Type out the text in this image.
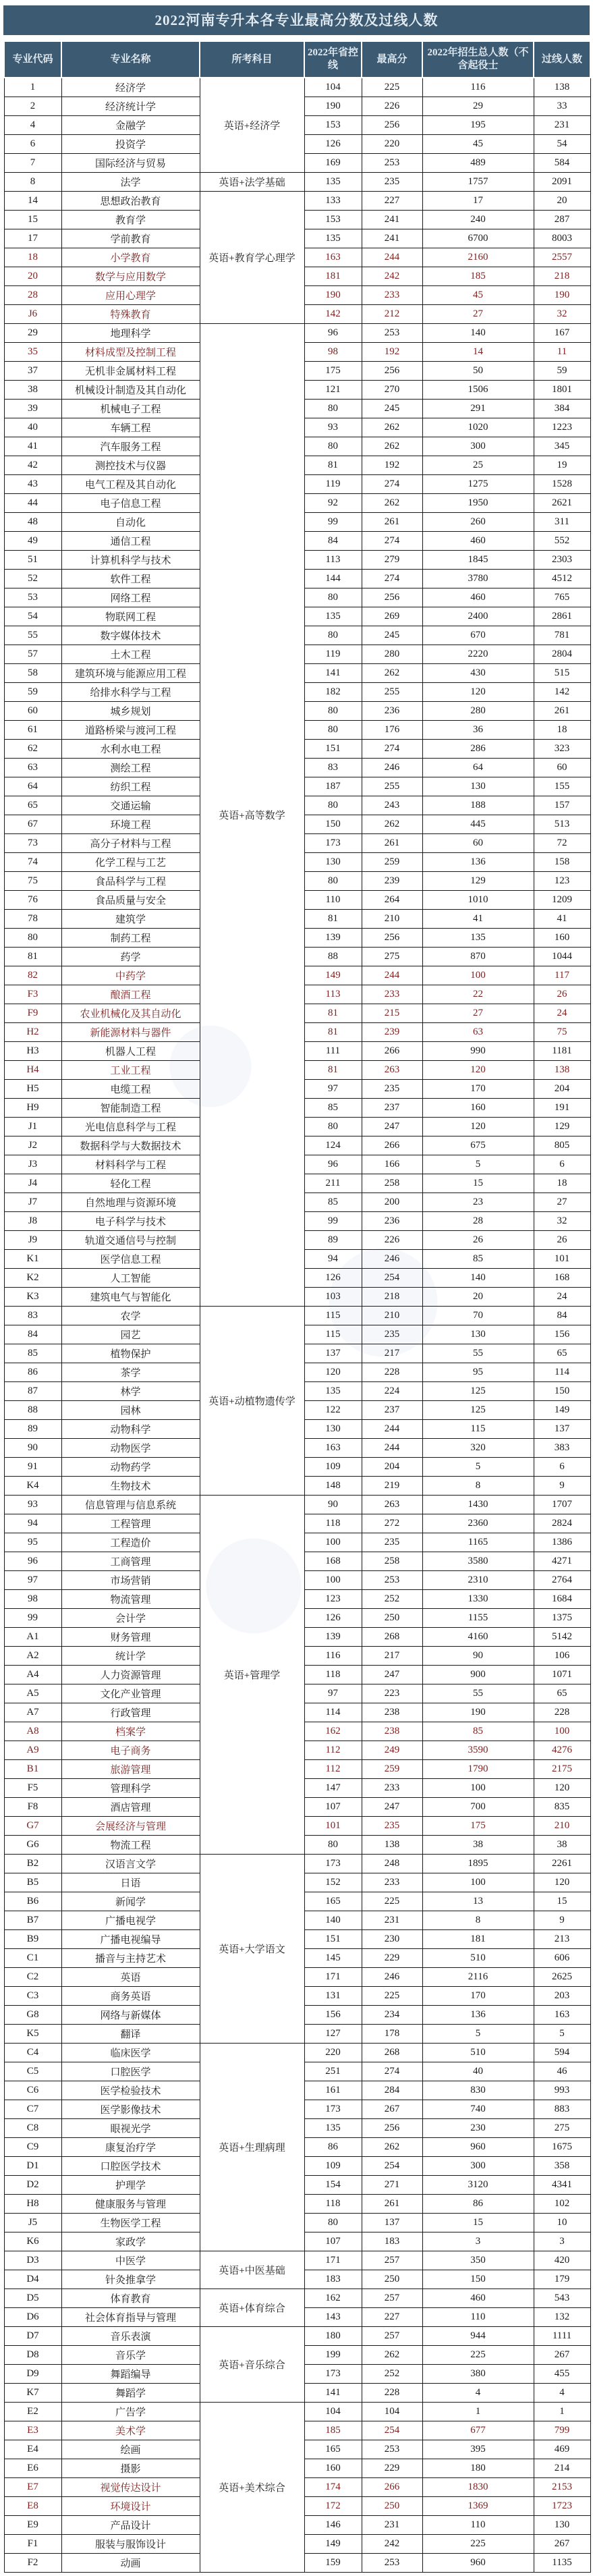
2022河南专升本各专业最高分数及过线人数
专业代码	专业名称	所考科目	2022年省控线	最高分	2022年招生总人数（不含起役士	过线人数
1	经济学	英语+经济学	104	225	116	138
2	经济统计学		190	226	29	33
4	金融学		153	256	195	231
6	投资学		126	220	45	54
7	国际经济与贸易		169	253	489	584
8	法学	英语+法学基础	135	235	1757	2091
14	思想政治教育	英语+教育学心理学	133	227	17	20
15	教育学		153	241	240	287
17	学前教育		135	241	6700	8003
18	小学教育		163	244	2160	2557
20	数学与应用数学		181	242	185	218
28	应用心理学		190	233	45	190
J6	特殊教育		142	212	27	32
29	地理科学	英语+高等数学	96	253	140	167
35	材料成型及控制工程		98	192	14	11
37	无机非金属材料工程		175	256	50	59
38	机械设计制造及其自动化		121	270	1506	1801
39	机械电子工程		80	245	291	384
40	车辆工程		93	262	1020	1223
41	汽车服务工程		80	262	300	345
42	测控技术与仪器		81	192	25	19
43	电气工程及其自动化		119	274	1275	1528
44	电子信息工程		92	262	1950	2621
48	自动化		99	261	260	311
49	通信工程		84	274	460	552
51	计算机科学与技术		113	279	1845	2303
52	软件工程		144	274	3780	4512
53	网络工程		80	256	460	765
54	物联网工程		135	269	2400	2861
55	数字媒体技术		80	245	670	781
57	土木工程		119	280	2220	2804
58	建筑环境与能源应用工程		141	262	430	515
59	给排水科学与工程		182	255	120	142
60	城乡规划		80	236	280	261
61	道路桥梁与渡河工程		80	176	36	18
62	水利水电工程		151	274	286	323
63	测绘工程		83	246	64	60
64	纺织工程		187	255	130	155
65	交通运输		80	243	188	157
67	环境工程		150	262	445	513
73	高分子材料与工程		173	261	60	72
74	化学工程与工艺		130	259	136	158
75	食品科学与工程		80	239	129	123
76	食品质量与安全		110	264	1010	1209
78	建筑学		81	210	41	41
80	制药工程		139	256	135	160
81	药学		88	275	870	1044
82	中药学		149	244	100	117
F3	酿酒工程		113	233	22	26
F9	农业机械化及其自动化		81	215	27	24
H2	新能源材料与器件		81	239	63	75
H3	机器人工程		111	266	990	1181
H4	工业工程		81	263	120	138
H5	电缆工程		97	235	170	204
H9	智能制造工程		85	237	160	191
J1	光电信息科学与工程		80	247	120	129
J2	数据科学与大数据技术		124	266	675	805
J3	材料科学与工程		96	166	5	6
J4	轻化工程		211	258	15	18
J7	自然地理与资源环境		85	200	23	27
J8	电子科学与技术		99	236	28	32
J9	轨道交通信号与控制		89	226	26	26
K1	医学信息工程		94	246	85	101
K2	人工智能		126	254	140	168
K3	建筑电气与智能化		103	218	20	24
83	农学	英语+动植物遗传学	115	210	70	84
84	园艺		115	235	130	156
85	植物保护		137	217	55	65
86	茶学		120	228	95	114
87	林学		135	224	125	150
88	园林		122	237	125	149
89	动物科学		130	244	115	137
90	动物医学		163	244	320	383
91	动物药学		109	204	5	6
K4	生物技术		148	219	8	9
93	信息管理与信息系统	英语+管理学	90	263	1430	1707
94	工程管理		118	272	2360	2824
95	工程造价		100	235	1165	1386
96	工商管理		168	258	3580	4271
97	市场营销		100	253	2310	2764
98	物流管理		123	252	1330	1684
99	会计学		126	250	1155	1375
A1	财务管理		139	268	4160	5142
A2	统计学		116	217	90	106
A4	人力资源管理		118	247	900	1071
A5	文化产业管理		97	223	55	65
A7	行政管理		114	238	190	228
A8	档案学		162	238	85	100
A9	电子商务		112	249	3590	4276
B1	旅游管理		112	259	1790	2175
F5	管理科学		147	233	100	120
F8	酒店管理		107	247	700	835
G7	会展经济与管理		101	235	175	210
G6	物流工程		80	138	38	38
B2	汉语言文学	英语+大学语文	173	248	1895	2261
B5	日语		152	233	100	120
B6	新闻学		165	225	13	15
B7	广播电视学		140	231	8	9
B9	广播电视编导		151	230	181	213
C1	播音与主持艺术		145	229	510	606
C2	英语		171	246	2116	2625
C3	商务英语		131	225	170	203
G8	网络与新媒体		156	234	136	163
K5	翻译		127	178	5	5
C4	临床医学	英语+生理病理	220	268	510	594
C5	口腔医学		251	274	40	46
C6	医学检验技术		161	284	830	993
C7	医学影像技术		173	267	740	883
C8	眼视光学		135	256	230	275
C9	康复治疗学		86	262	960	1675
D1	口腔医学技术		109	254	300	358
D2	护理学		154	271	3120	4341
H8	健康服务与管理		118	261	86	102
J5	生物医学工程		80	137	15	10
K6	家政学		107	183	3	3
D3	中医学	英语+中医基础	171	257	350	420
D4	针灸推拿学		183	250	150	179
D5	体育教育	英语+体育综合	162	257	460	543
D6	社会体育指导与管理		143	227	110	132
D7	音乐表演	英语+音乐综合	180	257	944	1111
D8	音乐学		199	262	225	267
D9	舞蹈编导		173	252	380	455
K7	舞蹈学		141	228	4	4
E2	广告学	英语+美术综合	104	104	1	1
E3	美术学		185	254	677	799
E4	绘画		165	253	395	469
E6	摄影		160	229	180	214
E7	视觉传达设计		174	266	1830	2153
E8	环境设计		172	250	1369	1723
E9	产品设计		146	231	110	130
F1	服装与服饰设计		149	242	225	267
F2	动画		159	253	960	1135
